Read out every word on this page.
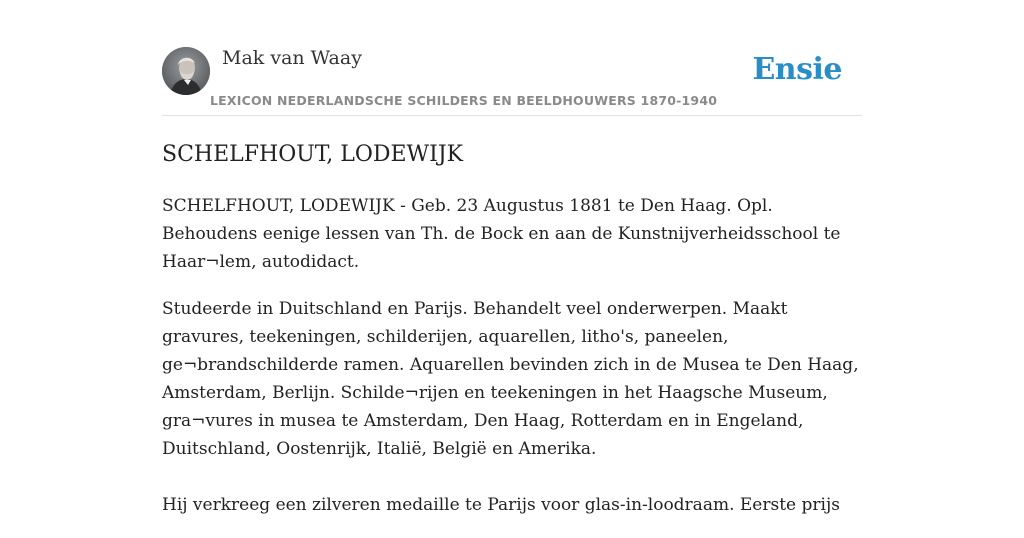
Mak van Waay
LEXICON NEDERLANDSCHE SCHILDERS EN BEELDHOUWERS 1870-1940
Ensie
SCHELFHOUT, LODEWIJK

SCHELFHOUT, LODEWIJK - Geb. 23 Augustus 1881 te Den Haag. Opl. Behoudens eenige lessen van Th. de Bock en aan de Kunstnijverheidsschool te Haar¬lem, autodidact.

Studeerde in Duitschland en Parijs. Behandelt veel onderwerpen. Maakt gravures, teekeningen, schilderijen, aquarellen, litho's, paneelen, ge¬brandschilderde ramen. Aquarellen bevinden zich in de Musea te Den Haag, Amsterdam, Berlijn. Schilde¬rijen en teekeningen in het Haagsche Museum, gra¬vures in musea te Amsterdam, Den Haag, Rotterdam en in Engeland, Duitschland, Oostenrijk, Italië, België en Amerika.

Hij verkreeg een zilveren medaille te Parijs voor glas-in-loodraam. Eerste prijs
